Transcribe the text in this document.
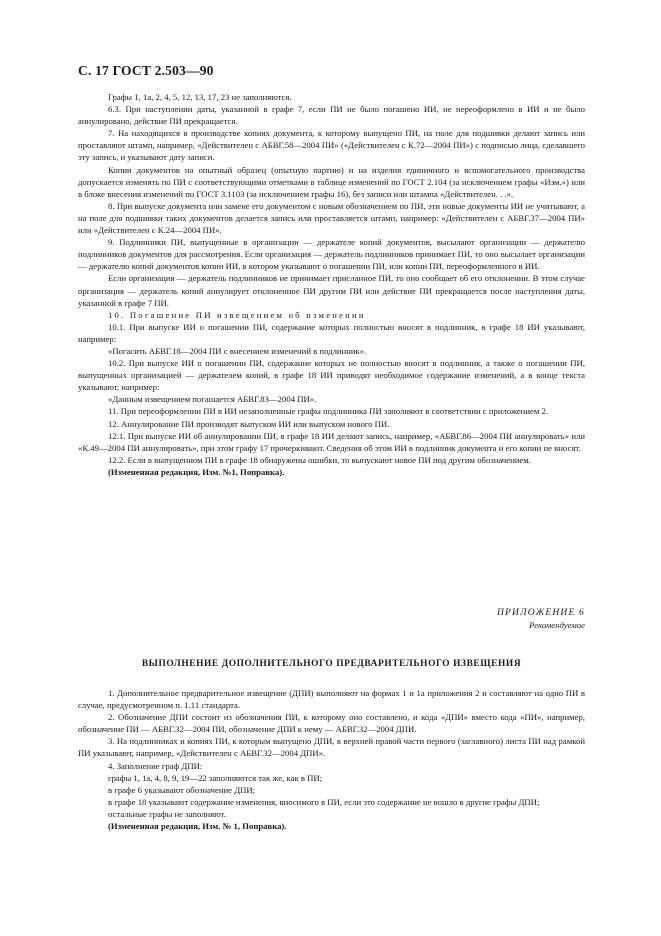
С. 17 ГОСТ 2.503—90

Графы 1, 1а, 2, 4, 5, 12, 13, 17, 23 не заполняются.

6.3. При наступлении даты, указанной в графе 7, если ПИ не было погашено ИИ, не переоформлено в ИИ и не было аннулировано, действие ПИ прекращается.

7. На находящихся в производстве копиях документа, к которому выпущено ПИ, на поле для подшивки делают запись или проставляют штамп, например, «Действителен с АБВГ.58—2004 ПИ» («Действителен с К.72—2004 ПИ») с подписью лица, сделавшего эту запись, и указывают дату записи.

Копии документов на опытный образец (опытную партию) и на изделия единичного и вспомогательного производства допускается изменять по ПИ с соответствующими отметками в таблице изменений по ГОСТ 2.104 (за исключением графы «Изм.») или в блоке внесения изменений по ГОСТ 3.1103 (за исключением графы 16), без записи или штампа «Действителен. . .».

8. При выпуске документа или замене его документом с новым обозначением по ПИ, эти новые документы ИИ не учитывают, а на поле для подшивки таких документов делается запись или проставляется штамп, например: «Действителен с АБВГ.37—2004 ПИ» или «Действителен с К.24—2004 ПИ».

9. Подлинники ПИ, выпущенные в организации — держателе копий документов, высылают организации — держателю подлинников документов для рассмотрения. Если организация — держатель подлинников принимает ПИ, то оно высылает организации — держателю копий документов копии ИИ, в котором указывают о погашении ПИ, или копии ПИ, переоформленного в ИИ.

Если организация — держатель подлинников не принимает присланное ПИ, то оно сообщает об его отклонении. В этом случае организация — держатель копий аннулирует отклоненное ПИ другим ПИ или действие ПИ прекращается после наступления даты, указанной в графе 7 ПИ.

10. Погашение ПИ извещением об изменении

10.1. При выпуске ИИ о погашении ПИ, содержание которых полностью вносят в подлинник, в графе 18 ИИ указывают, например:

«Погасить АБВГ.18—2004 ПИ с внесением изменений в подлинник».

10.2. При выпуске ИИ о погашении ПИ, содержание которых не полностью вносят в подлинник, а также о погашении ПИ, выпущенных организацией — держателем копий, в графе 18 ИИ приводят необходимое содержание изменений, а в конце текста указывают, например:

«Данным извещением погашается АБВГ.83—2004 ПИ».

11. При переоформлении ПИ в ИИ незаполненные графы подлинника ПИ заполняют в соответствии с приложением 2.

12. Аннулирование ПИ производят выпуском ИИ или выпуском нового ПИ.

12.1. При выпуске ИИ об аннулировании ПИ, в графе 18 ИИ делают запись, например, «АБВГ.86—2004 ПИ аннулировать» или «К.49—2004 ПИ аннулировать», при этом графу 17 прочеркивают. Сведения об этом ИИ в подлинник документа и его копии не вносят.

12.2. Если в выпущенном ПИ в графе 18 обнаружены ошибки, то выпускают новое ПИ под другим обозначением.

(Измененная редакция, Изм. №1, Поправка).

ПРИЛОЖЕНИЕ 6
Рекомендуемое
ВЫПОЛНЕНИЕ ДОПОЛНИТЕЛЬНОГО ПРЕДВАРИТЕЛЬНОГО ИЗВЕЩЕНИЯ

1. Дополнительное предварительное извещение (ДПИ) выполняют на формах 1 и 1а приложения 2 и составляют на одно ПИ в случае, предусмотренном п. 1.11 стандарта.

2. Обозначение ДПИ состоит из обозначения ПИ, к которому оно составлено, и кода «ДПИ» вместо кода «ПИ», например, обозначение ПИ — АБВГ.32—2004 ПИ, обозначение ДПИ к нему — АБВГ.32—2004 ДПИ.

3. На подлинниках и копиях ПИ, к которым выпущено ДПИ, в верхней правой части первого (заглавного) листа ПИ над рамкой ПИ указывают, например, «Действителен с АБВГ.32—2004 ДПИ».

4. Заполнение граф ДПИ:

графы 1, 1а, 4, 8, 9, 19—22 заполняются так же, как в ПИ;

в графе 6 указывают обозначение ДПИ;

в графе 18 указывают содержание изменения, вносимого в ПИ, если это содержание не вошло в другие графы ДПИ;

остальные графы не заполняют.

(Измененная редакция, Изм. № 1, Поправка).
